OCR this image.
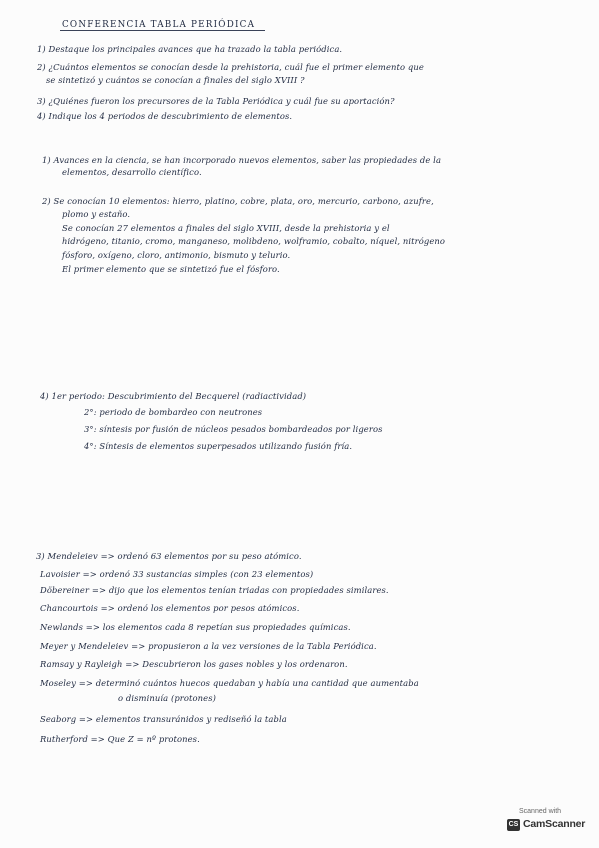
CONFERENCIA TABLA PERIÓDICA
1) Destaque los principales avances que ha trazado la tabla periódica.
2) ¿Cuántos elementos se conocían desde la prehistoria, cuál fue el primer elemento que
se sintetizó y cuántos se conocían a finales del siglo XVIII ?
3) ¿Quiénes fueron los precursores de la Tabla Periódica y cuál fue su aportación?
4) Indique los 4 periodos de descubrimiento de elementos.
1) Avances en la ciencia, se han incorporado nuevos elementos, saber las propiedades de la
elementos, desarrollo científico.
2) Se conocían 10 elementos: hierro, platino, cobre, plata, oro, mercurio, carbono, azufre,
plomo y estaño.
Se conocían 27 elementos a finales del siglo XVIII, desde la prehistoria y el
hidrógeno, titanio, cromo, manganeso, molibdeno, wolframio, cobalto, níquel, nitrógeno
fósforo, oxígeno, cloro, antimonio, bismuto y telurio.
El primer elemento que se sintetizó fue el fósforo.
4) 1er periodo: Descubrimiento del Becquerel (radiactividad)
2°: periodo de bombardeo con neutrones
3°: síntesis por fusión de núcleos pesados bombardeados por ligeros
4°: Síntesis de elementos superpesados utilizando fusión fría.
3) Mendeleiev => ordenó 63 elementos por su peso atómico.
Lavoisier => ordenó 33 sustancias simples (con 23 elementos)
Döbereiner => dijo que los elementos tenían triadas con propiedades similares.
Chancourtois => ordenó los elementos por pesos atómicos.
Newlands => los elementos cada 8 repetían sus propiedades químicas.
Meyer y Mendeleiev => propusieron a la vez versiones de la Tabla Periódica.
Ramsay y Rayleigh => Descubrieron los gases nobles y los ordenaron.
Moseley => determinó cuántos huecos quedaban y había una cantidad que aumentaba
o disminuía (protones)
Seaborg => elementos transuránidos y rediseñó la tabla
Rutherford => Que Z = nº protones.
Scanned with
CS CamScanner
